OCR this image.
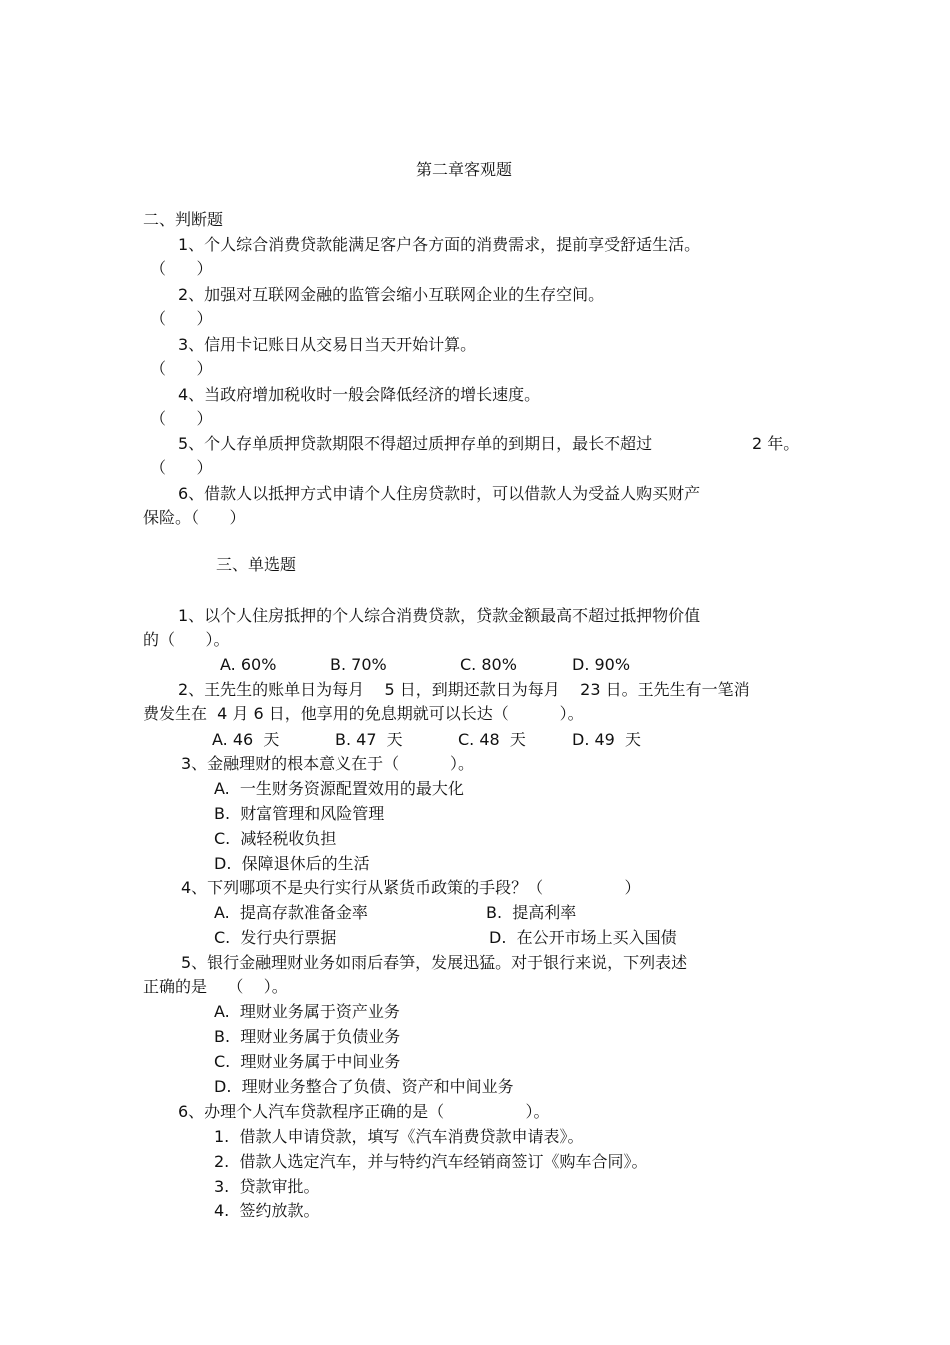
第二章客观题
二、判断题
1、个人综合消费贷款能满足客户各方面的消费需求，提前享受舒适生活。
（      ）
2、加强对互联网金融的监管会缩小互联网企业的生存空间。
（      ）
3、信用卡记账日从交易日当天开始计算。
（      ）
4、当政府增加税收时一般会降低经济的增长速度。
（      ）
5、个人存单质押贷款期限不得超过质押存单的到期日，最长不超过	2 年。
（      ）
6、借款人以抵押方式申请个人住房贷款时，可以借款人为受益人购买财产
保险。（      ）
三、单选题
1、以个人住房抵押的个人综合消费贷款，贷款金额最高不超过抵押物价值
的（      ）。
A. 60%	B. 70%	C. 80%	D. 90%
2、王先生的账单日为每月    5 日，到期还款日为每月    23 日。王先生有一笔消
费发生在  4 月 6 日，他享用的免息期就可以长达（          ）。
A. 46  天	B. 47  天	C. 48  天	D. 49  天
3、金融理财的根本意义在于（          ）。
A.  一生财务资源配置效用的最大化
B.  财富管理和风险管理
C.  减轻税收负担
D.  保障退休后的生活
4、下列哪项不是央行实行从紧货币政策的手段？（                ）
A.  提高存款准备金率	B.  提高利率
C.  发行央行票据	D.  在公开市场上买入国债
5、银行金融理财业务如雨后春笋，发展迅猛。对于银行来说，下列表述
正确的是    （    ）。
A.  理财业务属于资产业务
B.  理财业务属于负债业务
C.  理财业务属于中间业务
D.  理财业务整合了负债、资产和中间业务
6、办理个人汽车贷款程序正确的是（                ）。
1.  借款人申请贷款，填写《汽车消费贷款申请表》。
2.  借款人选定汽车，并与特约汽车经销商签订《购车合同》。
3.  贷款审批。
4.  签约放款。
